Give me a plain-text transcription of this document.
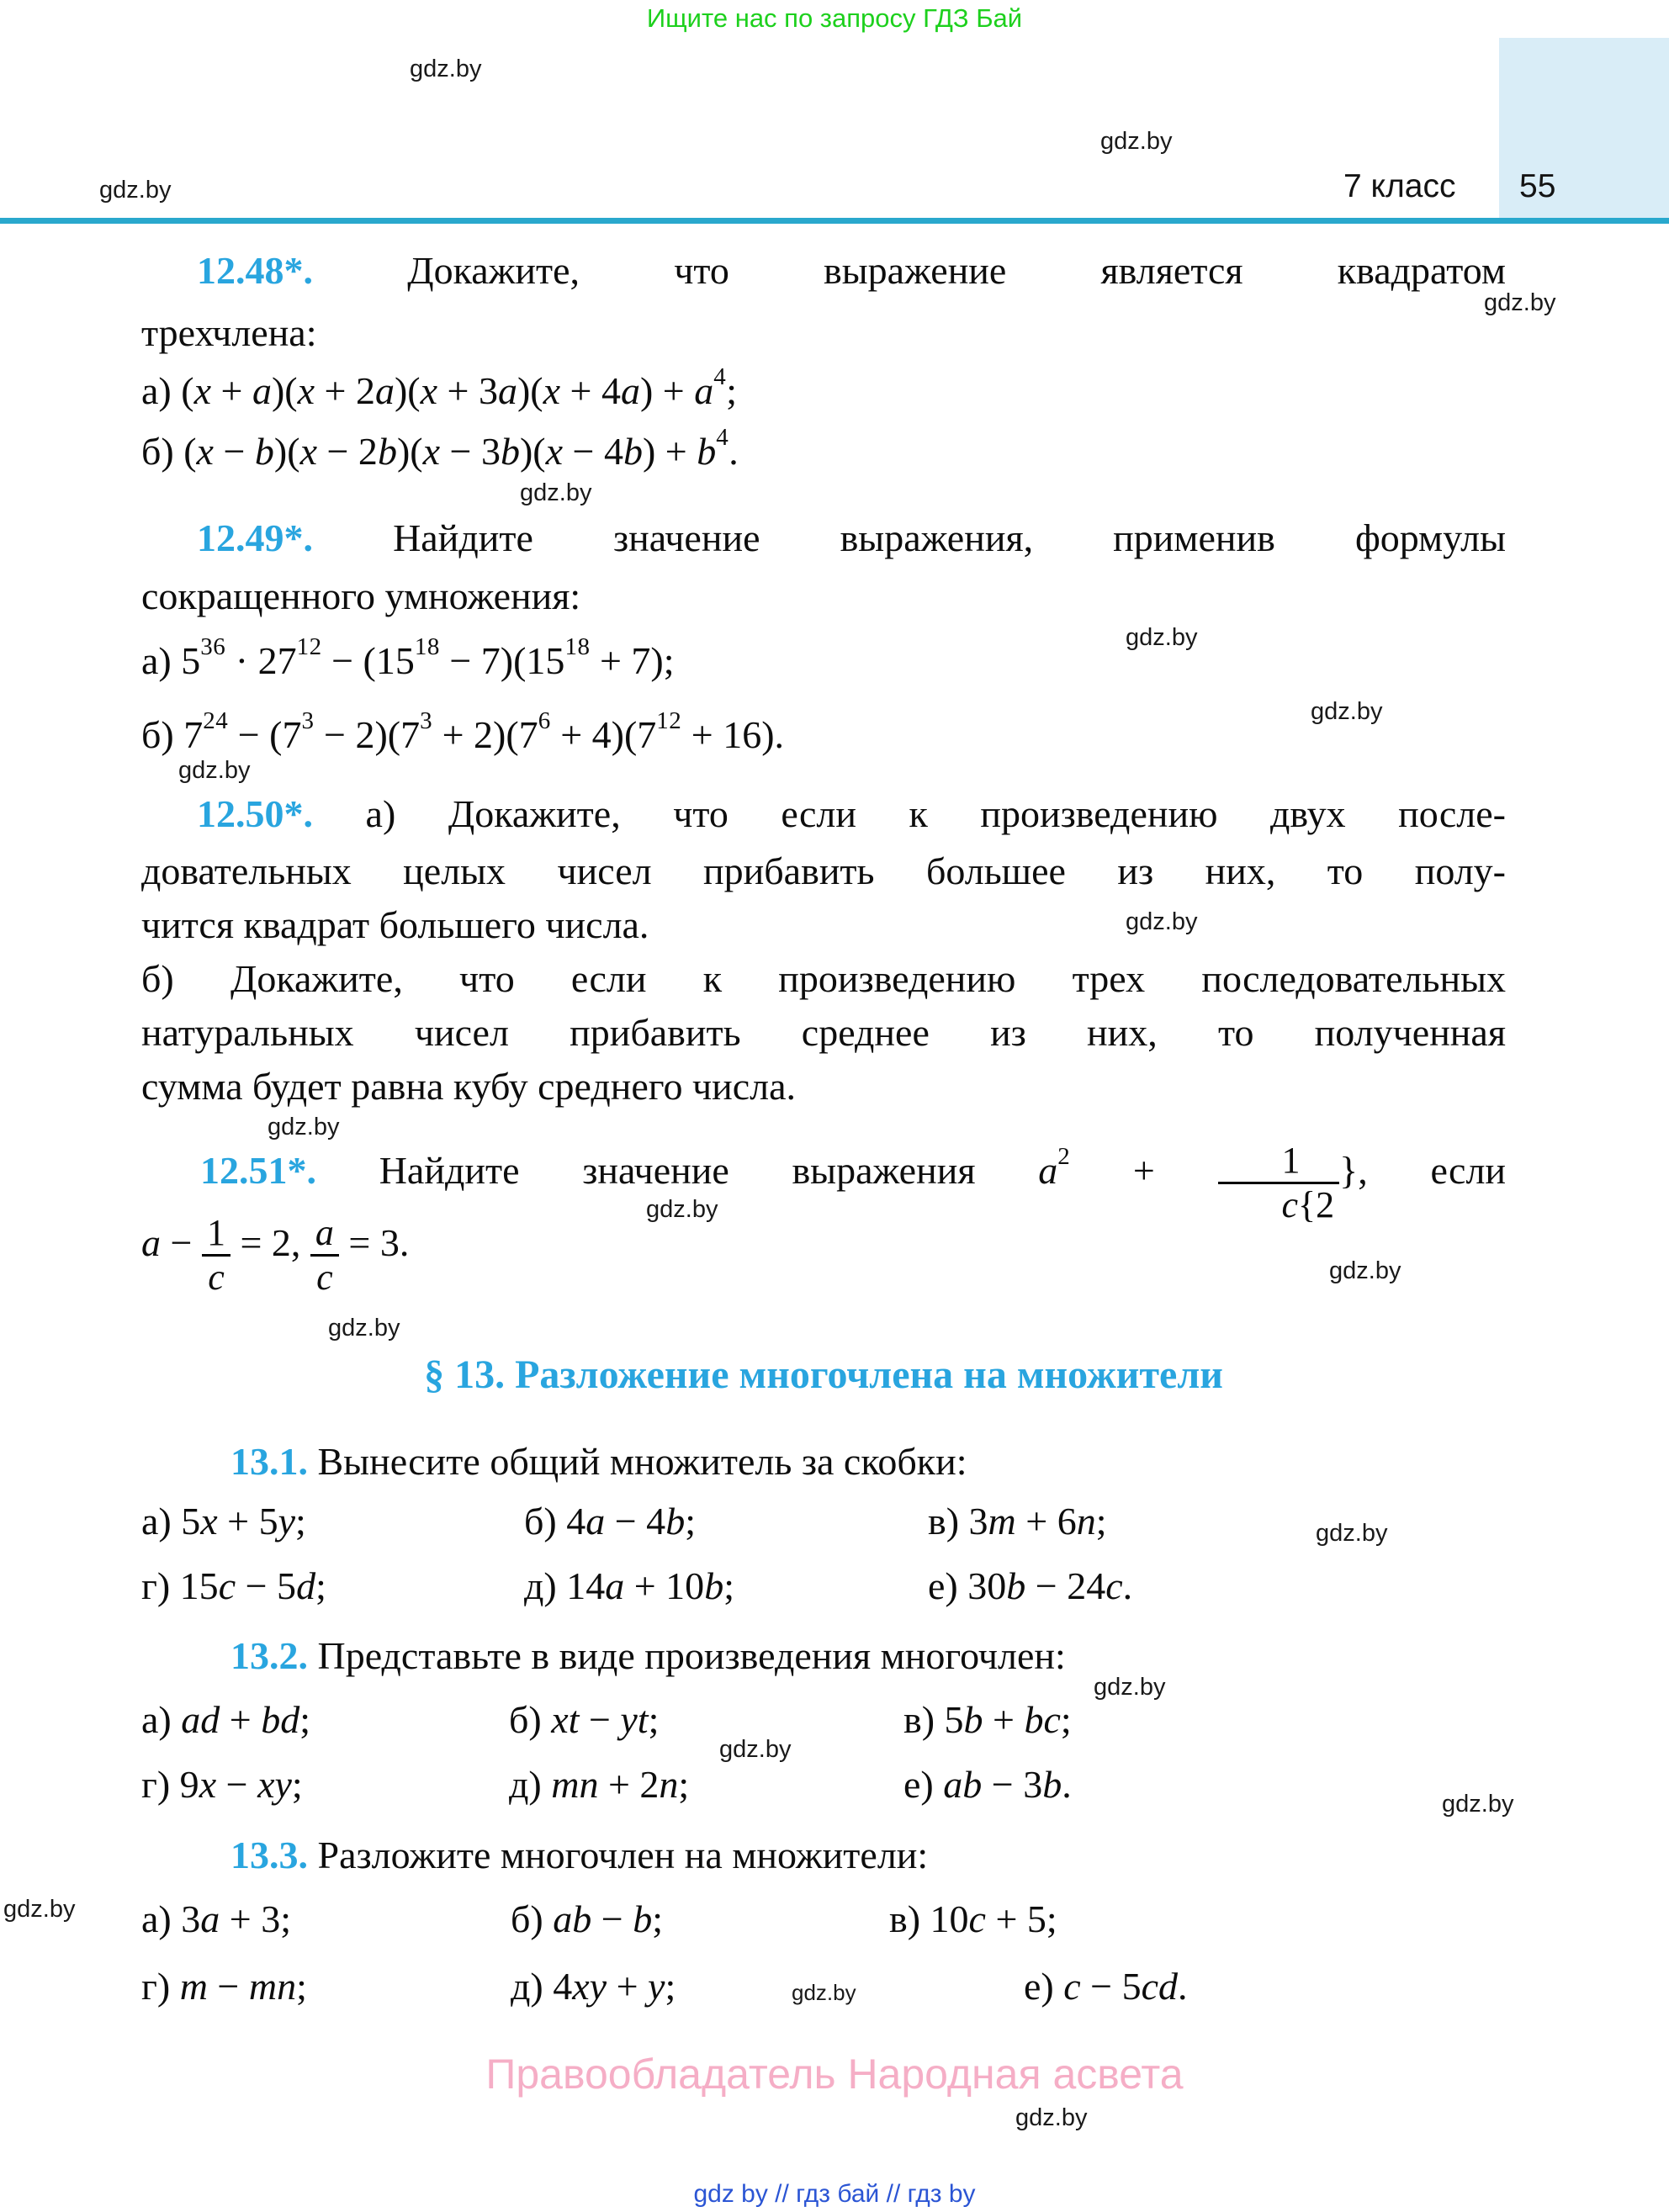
Ищите нас по запросу ГДЗ Бай
gdz.by
gdz.by
gdz.by
gdz.by
gdz.by
gdz.by
gdz.by
gdz.by
gdz.by
gdz.by
gdz.by
gdz.by
gdz.by
gdz.by
gdz.by
gdz.by
gdz.by
gdz.by
gdz.by
gdz.by
7 класс 55
12.48*. Докажите, что выражение является квадратом
трехчлена:
а) $(x + a)(x + 2a)(x + 3a)(x + 4a) + a^4$;
б) $(x - b)(x - 2b)(x - 3b)(x - 4b) + b^4$.
12.49*. Найдите значение выражения, применив формулы
сокращенного умножения:
а) $5^{36} \cdot 27^{12} - (15^{18} - 7)(15^{18} + 7)$;
б) $7^{24} - (7^3 - 2)(7^3 + 2)(7^6 + 4)(7^{12} + 16)$.
12.50*. а) Докажите, что если к произведению двух после-
довательных целых чисел прибавить большее из них, то полу-
чится квадрат большего числа.
б) Докажите, что если к произведению трех последовательных
натуральных чисел прибавить среднее из них, то полученная
сумма будет равна кубу среднего числа.
12.51*. Найдите значение выражения $a^2 + \frac{1}{c\{2}$ }, если
$a - \frac{1}{c} = 2$, $\frac{a}{c} = 3$.
§ 13. Разложение многочлена на множители
13.1. Вынесите общий множитель за скобки:
а) 5x + 5y;	б) 4a − 4b;	в) 3m + 6n;
г) 15c − 5d;	д) 14a + 10b;	е) 30b − 24c.
13.2. Представьте в виде произведения многочлен:
а) ad + bd;	б) xt − yt;	в) 5b + bc;
г) 9x − xy;	д) mn + 2n;	е) ab − 3b.
13.3. Разложите многочлен на множители:
а) 3a + 3;	б) ab − b;	в) 10c + 5;
г) m − mn;	д) 4xy + y;	е) c − 5cd.
Правообладатель Народная асвета
gdz by // гдз бай // гдз by
